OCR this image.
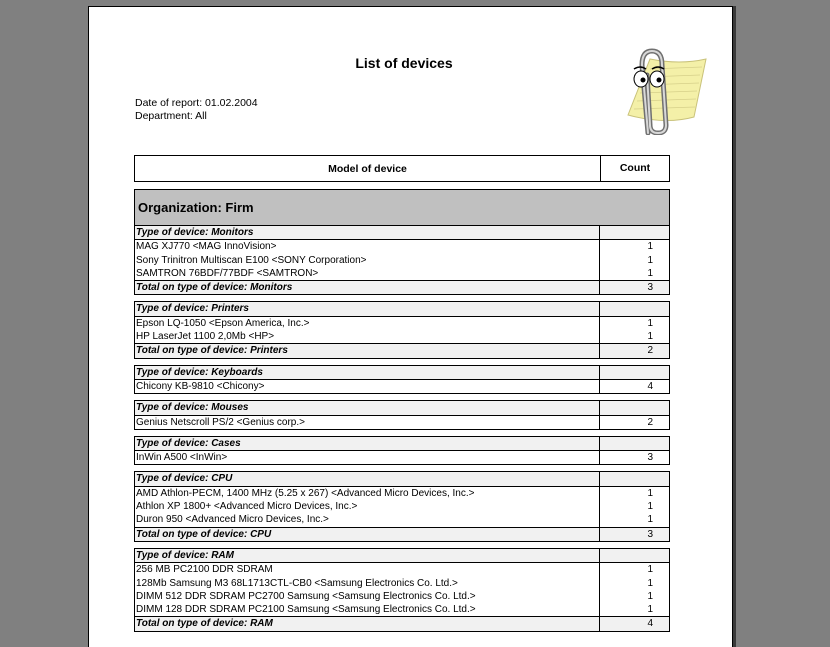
List of devices
Date of report: 01.02.2004
Department: All
Model of device	Count
Organization: Firm
Type of device: Monitors
MAG XJ770 <MAG InnoVision>	1
Sony Trinitron Multiscan E100 <SONY Corporation>	1
SAMTRON 76BDF/77BDF <SAMTRON>	1
Total on type of device: Monitors	3
Type of device: Printers
Epson LQ-1050 <Epson America, Inc.>	1
HP LaserJet 1100 2,0Mb <HP>	1
Total on type of device: Printers	2
Type of device: Keyboards
Chicony KB-9810 <Chicony>	4
Type of device: Mouses
Genius Netscroll PS/2 <Genius corp.>	2
Type of device: Cases
InWin A500 <InWin>	3
Type of device: CPU
AMD Athlon-PECM, 1400 MHz (5.25 x 267) <Advanced Micro Devices, Inc.>	1
Athlon XP 1800+ <Advanced Micro Devices, Inc.>	1
Duron 950 <Advanced Micro Devices, Inc.>	1
Total on type of device: CPU	3
Type of device: RAM
256 MB PC2100 DDR SDRAM	1
128Mb Samsung M3 68L1713CTL-CB0 <Samsung Electronics Co. Ltd.>	1
DIMM 512 DDR SDRAM PC2700 Samsung <Samsung Electronics Co. Ltd.>	1
DIMM 128 DDR SDRAM PC2100 Samsung <Samsung Electronics Co. Ltd.>	1
Total on type of device: RAM	4
